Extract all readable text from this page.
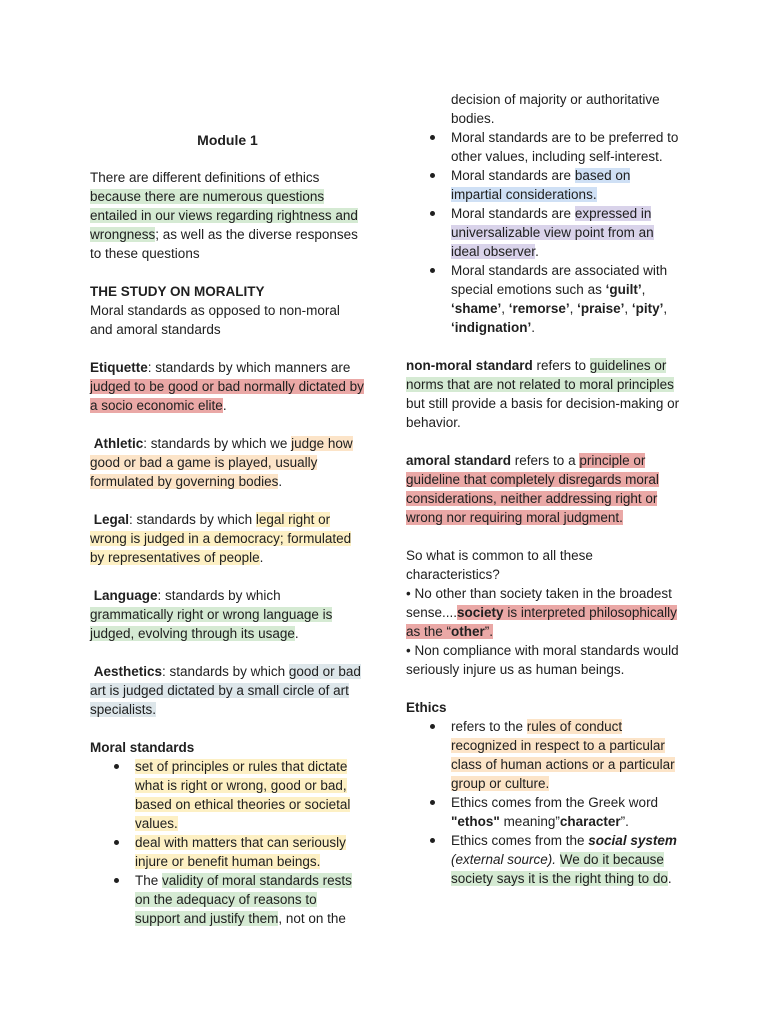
Module 1

There are different definitions of ethics because there are numerous questions entailed in our views regarding rightness and wrongness; as well as the diverse responses to these questions

THE STUDY ON MORALITY

Moral standards as opposed to non-moral and amoral standards

Etiquette: standards by which manners are judged to be good or bad normally dictated by a socio economic elite.

Athletic: standards by which we judge how good or bad a game is played, usually formulated by governing bodies.

Legal: standards by which legal right or wrong is judged in a democracy; formulated by representatives of people.

Language: standards by which grammatically right or wrong language is judged, evolving through its usage.

Aesthetics: standards by which good or bad art is judged dictated by a small circle of art specialists.

Moral standards

set of principles or rules that dictate what is right or wrong, good or bad, based on ethical theories or societal values.
deal with matters that can seriously injure or benefit human beings.
The validity of moral standards rests on the adequacy of reasons to support and justify them, not on the

decision of majority or authoritative bodies.

Moral standards are to be preferred to other values, including self-interest.
Moral standards are based on impartial considerations.
Moral standards are expressed in universalizable view point from an ideal observer.
Moral standards are associated with special emotions such as ‘guilt’, ‘shame’, ‘remorse’, ‘praise’, ‘pity’, ‘indignation’.

non-moral standard refers to guidelines or norms that are not related to moral principles but still provide a basis for decision-making or behavior.

amoral standard refers to a principle or guideline that completely disregards moral considerations, neither addressing right or wrong nor requiring moral judgment.

So what is common to all these characteristics?

• No other than society taken in the broadest sense....society is interpreted philosophically as the “other”.

• Non compliance with moral standards would seriously injure us as human beings.

Ethics

refers to the rules of conduct recognized in respect to a particular class of human actions or a particular group or culture.
Ethics comes from the Greek word "ethos" meaning”character”.
Ethics comes from the social system (external source). We do it because society says it is the right thing to do.
